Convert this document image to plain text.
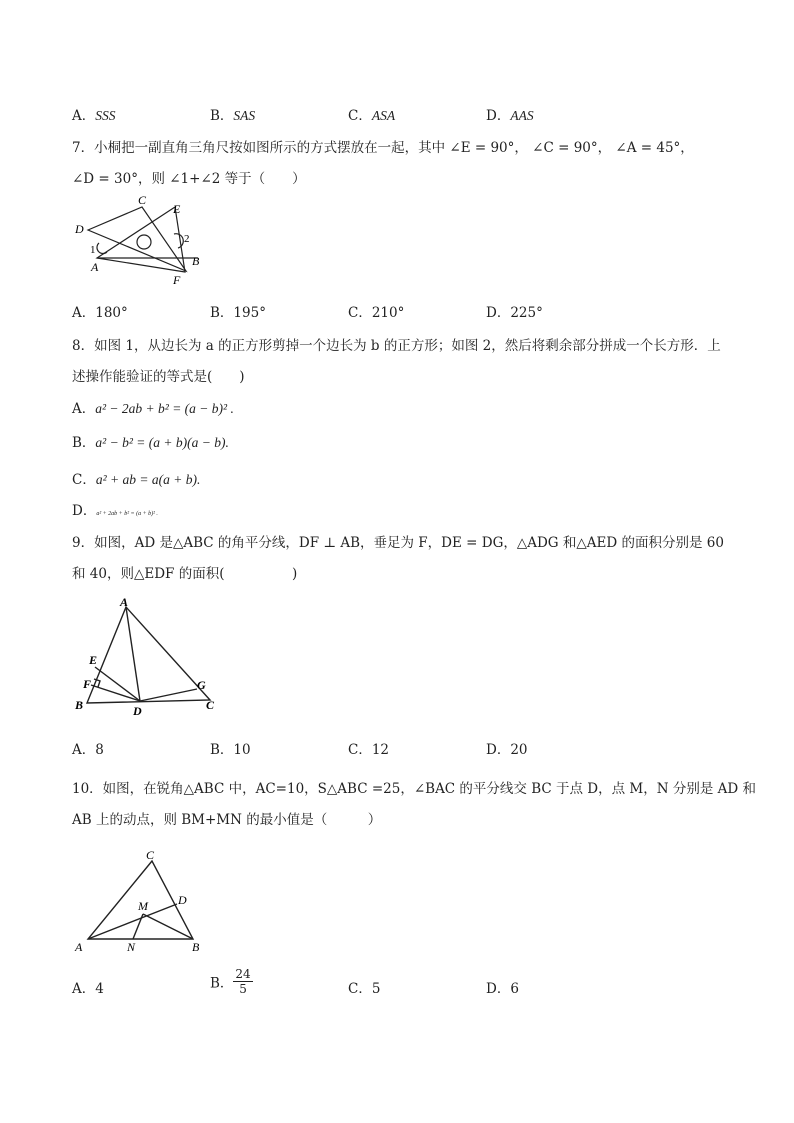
A．SSS	B．SAS	C．ASA	D．AAS
7．小桐把一副直角三角尺按如图所示的方式摆放在一起，其中 ∠E = 90°， ∠C = 90°， ∠A = 45°，
∠D = 30°，则 ∠1+∠2 等于（　　）
C
E
D
1
2
A	B
F
A．180°	B．195°	C．210°	D．225°
8．如图 1，从边长为 a 的正方形剪掉一个边长为 b 的正方形；如图 2，然后将剩余部分拼成一个长方形．上
述操作能验证的等式是(　　)
A．a² − 2ab + b² = (a − b)² .
B．a² − b² = (a + b)(a − b).
C．a² + ab = a(a + b).
D．a² + 2ab + b² = (a + b)² .
9．如图，AD 是△ABC 的角平分线，DF ⊥ AB，垂足为 F，DE = DG，△ADG 和△AED 的面积分别是 60
和 40，则△EDF 的面积(　　　　　)
A
E
F
B	D
G
C
A．8	B．10	C．12	D．20
10．如图，在锐角△ABC 中，AC=10，S△ABC =25，∠BAC 的平分线交 BC 于点 D，点 M，N 分别是 AD 和
AB 上的动点，则 BM+MN 的最小值是（　　　）
C
M	D
A	N	B
A．4	B． $\frac{24}{5}$	C．5	D．6
